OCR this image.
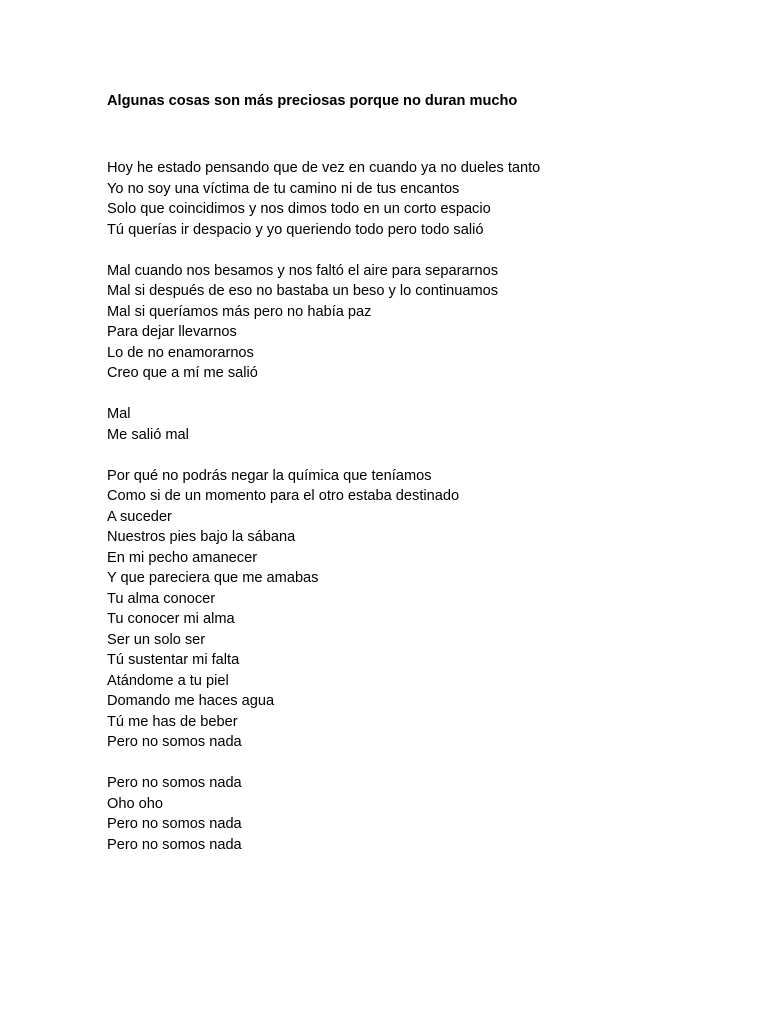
Algunas cosas son más preciosas porque no duran mucho
Hoy he estado pensando que de vez en cuando ya no dueles tanto
Yo no soy una víctima de tu camino ni de tus encantos
Solo que coincidimos y nos dimos todo en un corto espacio
Tú querías ir despacio y yo queriendo todo pero todo salió
Mal cuando nos besamos y nos faltó el aire para separarnos
Mal si después de eso no bastaba un beso y lo continuamos
Mal si queríamos más pero no había paz
Para dejar llevarnos
Lo de no enamorarnos
Creo que a mí me salió
Mal
Me salió mal
Por qué no podrás negar la química que teníamos
Como si de un momento para el otro estaba destinado
A suceder
Nuestros pies bajo la sábana
En mi pecho amanecer
Y que pareciera que me amabas
Tu alma conocer
Tu conocer mi alma
Ser un solo ser
Tú sustentar mi falta
Atándome a tu piel
Domando me haces agua
Tú me has de beber
Pero no somos nada
Pero no somos nada
Oho oho
Pero no somos nada
Pero no somos nada
